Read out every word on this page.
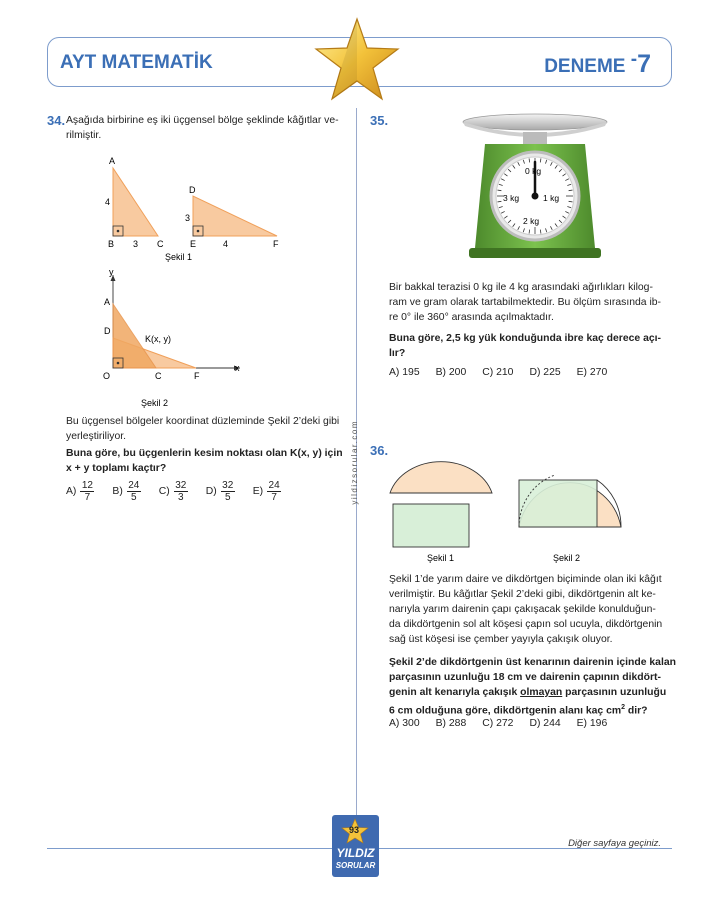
AYT MATEMATİK	DENEME -7
yildizsorular.com
34. Aşağıda birbirine eş iki üçgensel bölge şeklinde kâğıtlar ve-
rilmiştir.
A
4
B 3 C
D
3
E	4	F
Şekil 1
y
x
A
D
K(x, y)
O	C	F
Şekil 2
Bu üçgensel bölgeler koordinat düzleminde Şekil 2’deki gibi
yerleştiriliyor.
Buna göre, bu üçgenlerin kesim noktası olan K(x, y) için
x + y toplamı kaçtır?
$A) \frac{12}{7} B) \frac{24}{5} C) \frac{32}{3} D) \frac{32}{5} E) \frac{24}{7}$
35.
0 kg
1 kg
2 kg
3 kg
Bir bakkal terazisi 0 kg ile 4 kg arasındaki ağırlıkları kilog-
ram ve gram olarak tartabilmektedir. Bu ölçüm sırasında ib-
re 0° ile 360° arasında açılmaktadır.
Buna göre, 2,5 kg yük konduğunda ibre kaç derece açı-
lır?
A) 195 B) 200 C) 210 D) 225 E) 270
36.
Şekil 1	Şekil 2
Şekil 1’de yarım daire ve dikdörtgen biçiminde olan iki kâğıt
verilmiştir. Bu kâğıtlar Şekil 2’deki gibi, dikdörtgenin alt ke-
narıyla yarım dairenin çapı çakışacak şekilde konulduğun-
da dikdörtgenin sol alt köşesi çapın sol ucuyla, dikdörtgenin
sağ üst köşesi ise çember yayıyla çakışık oluyor.
Şekil 2’de dikdörtgenin üst kenarının dairenin içinde kalan
parçasının uzunluğu 18 cm ve dairenin çapının dikdört-
genin alt kenarıyla çakışık olmayan parçasının uzunluğu
6 cm olduğuna göre, dikdörtgenin alanı kaç $cm^2$ dir?
A) 300 B) 288 C) 272 D) 244 E) 196
93
YILDIZ
SORULAR
Diğer sayfaya geçiniz.
